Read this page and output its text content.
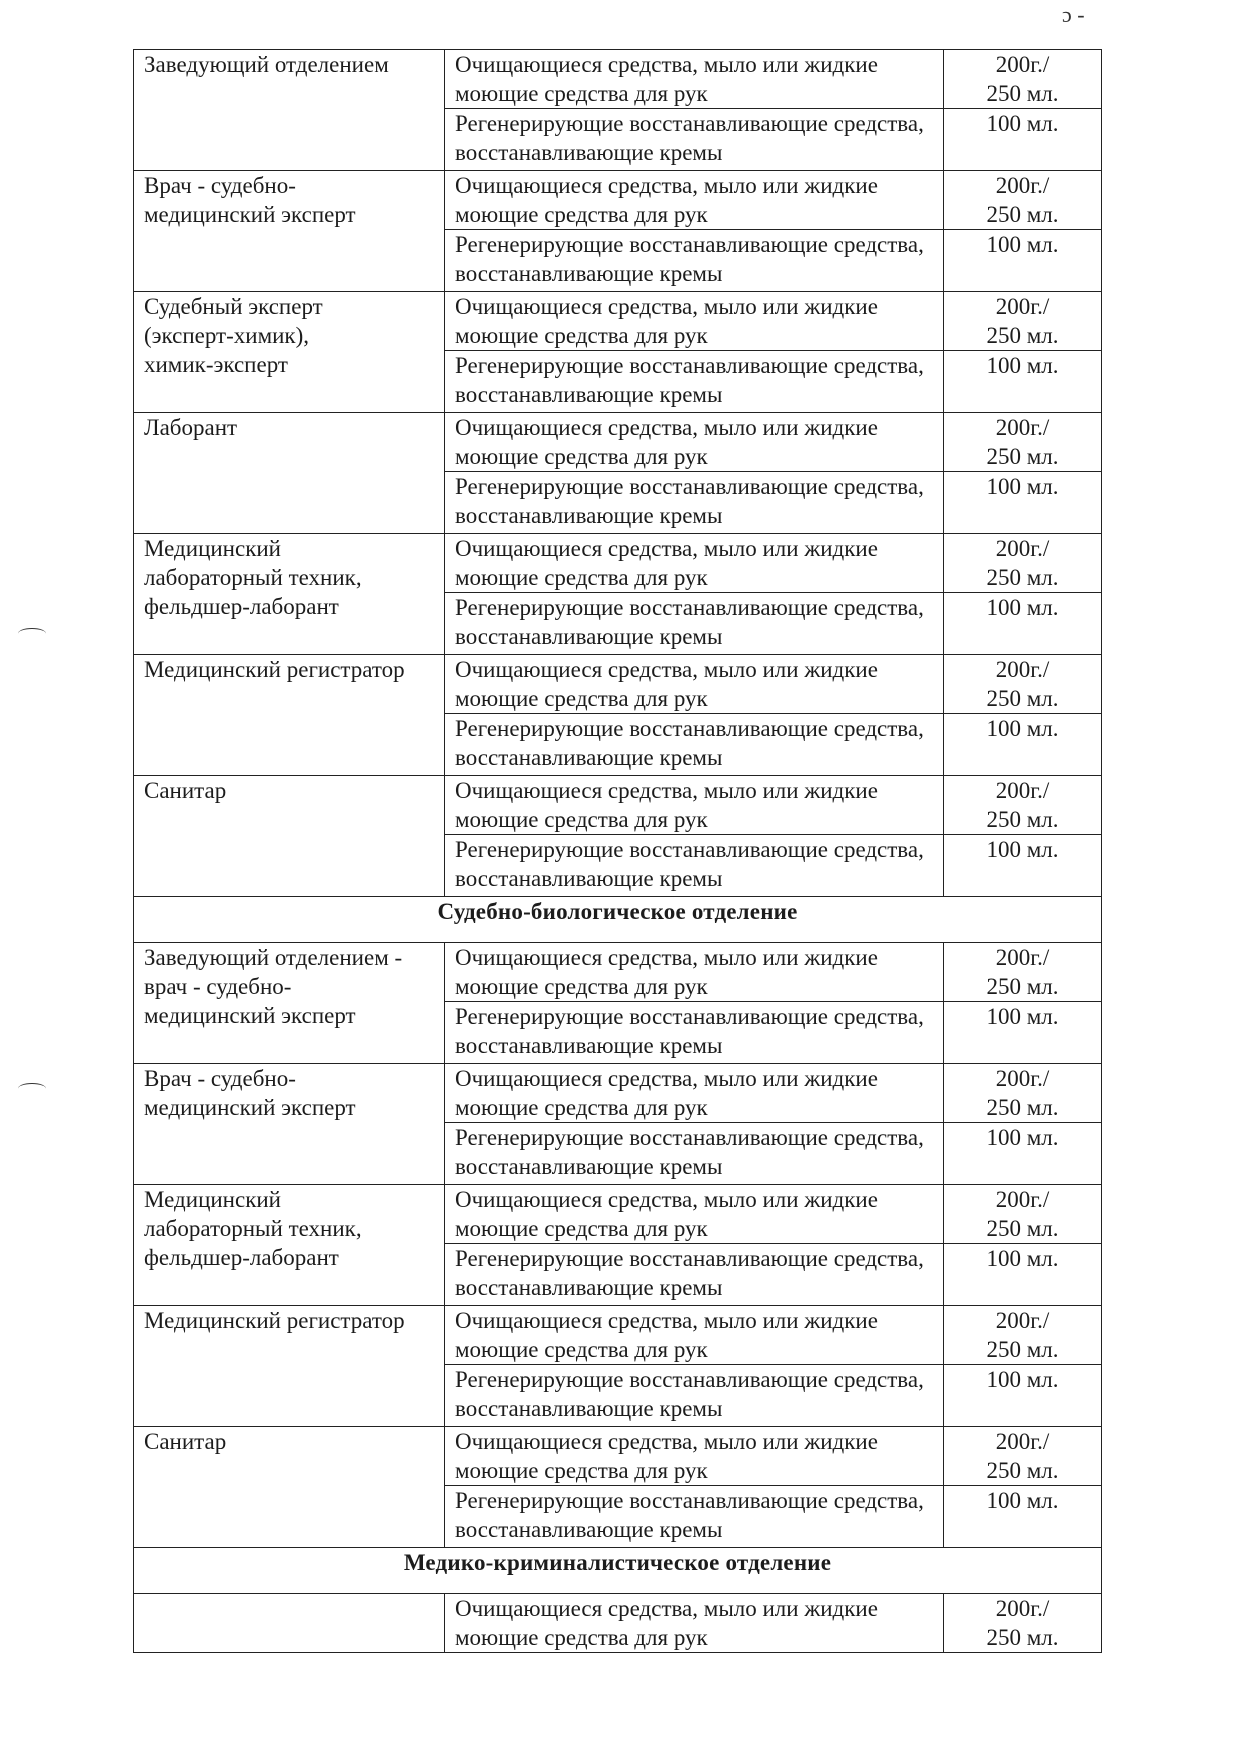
ɔ -
Заведующий отделением	Очищающиеся средства, мыло или жидкие моющие средства для рук	200г./
250 мл.

	Регенерирующие восстанавливающие средства, восстанавливающие кремы	100 мл.

Врач - судебно-
медицинский эксперт	Очищающиеся средства, мыло или жидкие моющие средства для рук	200г./
250 мл.

	Регенерирующие восстанавливающие средства, восстанавливающие кремы	100 мл.

Судебный эксперт
(эксперт-химик),
химик-эксперт	Очищающиеся средства, мыло или жидкие моющие средства для рук	200г./
250 мл.

	Регенерирующие восстанавливающие средства, восстанавливающие кремы	100 мл.

Лаборант	Очищающиеся средства, мыло или жидкие моющие средства для рук	200г./
250 мл.

	Регенерирующие восстанавливающие средства, восстанавливающие кремы	100 мл.

Медицинский
лабораторный техник,
фельдшер-лаборант	Очищающиеся средства, мыло или жидкие моющие средства для рук	200г./
250 мл.

	Регенерирующие восстанавливающие средства, восстанавливающие кремы	100 мл.

Медицинский регистратор	Очищающиеся средства, мыло или жидкие моющие средства для рук	200г./
250 мл.

	Регенерирующие восстанавливающие средства, восстанавливающие кремы	100 мл.

Санитар	Очищающиеся средства, мыло или жидкие моющие средства для рук	200г./
250 мл.

	Регенерирующие восстанавливающие средства, восстанавливающие кремы	100 мл.
Судебно-биологическое отделение		

Заведующий отделением -
врач - судебно-
медицинский эксперт	Очищающиеся средства, мыло или жидкие моющие средства для рук	200г./
250 мл.

	Регенерирующие восстанавливающие средства, восстанавливающие кремы	100 мл.

Врач - судебно-
медицинский эксперт	Очищающиеся средства, мыло или жидкие моющие средства для рук	200г./
250 мл.

	Регенерирующие восстанавливающие средства, восстанавливающие кремы	100 мл.

Медицинский
лабораторный техник,
фельдшер-лаборант	Очищающиеся средства, мыло или жидкие моющие средства для рук	200г./
250 мл.

	Регенерирующие восстанавливающие средства, восстанавливающие кремы	100 мл.

Медицинский регистратор	Очищающиеся средства, мыло или жидкие моющие средства для рук	200г./
250 мл.

	Регенерирующие восстанавливающие средства, восстанавливающие кремы	100 мл.

Санитар	Очищающиеся средства, мыло или жидкие моющие средства для рук	200г./
250 мл.

	Регенерирующие восстанавливающие средства, восстанавливающие кремы	100 мл.
Медико-криминалистическое отделение		

	Очищающиеся средства, мыло или жидкие моющие средства для рук	200г./
250 мл.
